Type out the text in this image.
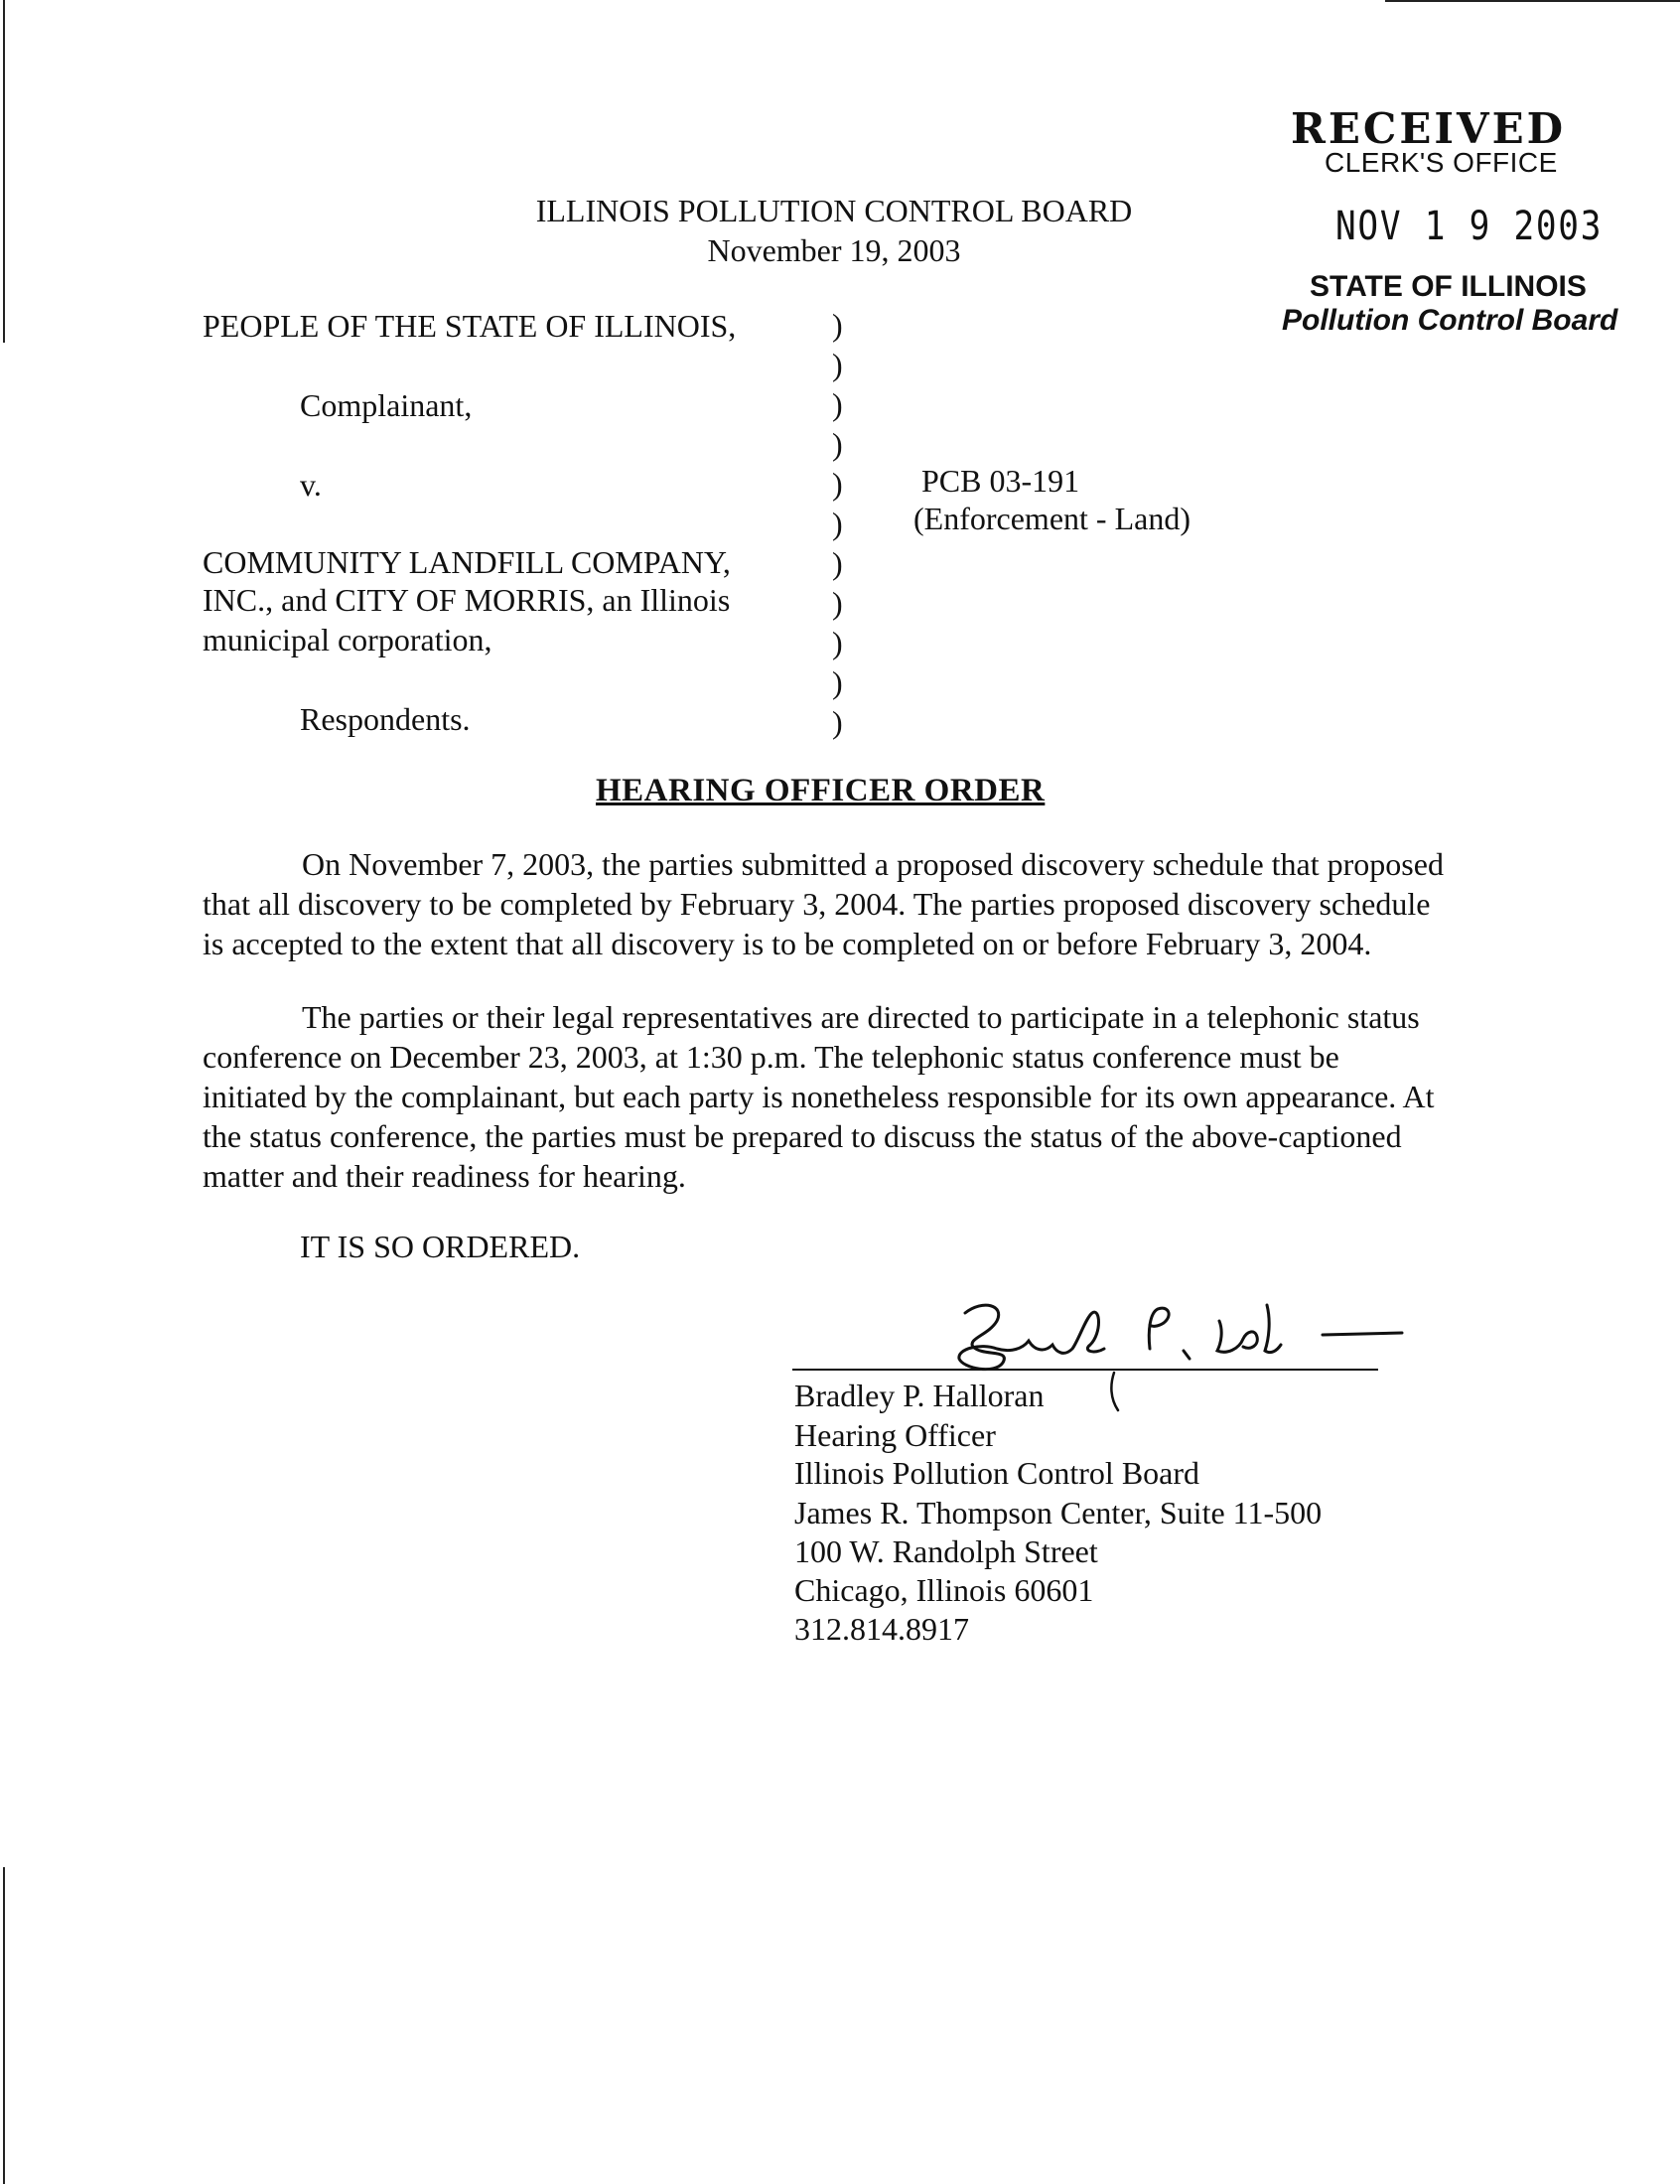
RECEIVED
CLERK'S OFFICE
NOV 1 9 2003
STATE OF ILLINOIS
Pollution Control Board
ILLINOIS POLLUTION CONTROL BOARD
November 19, 2003
PEOPLE OF THE STATE OF ILLINOIS,
Complainant,
v.
COMMUNITY LANDFILL COMPANY,
INC., and CITY OF MORRIS, an Illinois
municipal corporation,
Respondents.
)
)
)
)
)
)
)
)
)
)
)
PCB 03-191
(Enforcement - Land)
HEARING OFFICER ORDER
On November 7, 2003, the parties submitted a proposed discovery schedule that proposed
that all discovery to be completed by February 3, 2004. The parties proposed discovery schedule
is accepted to the extent that all discovery is to be completed on or before February 3, 2004.
The parties or their legal representatives are directed to participate in a telephonic status
conference on December 23, 2003, at 1:30 p.m. The telephonic status conference must be
initiated by the complainant, but each party is nonetheless responsible for its own appearance. At
the status conference, the parties must be prepared to discuss the status of the above-captioned
matter and their readiness for hearing.
IT IS SO ORDERED.
Bradley P. Halloran
Hearing Officer
Illinois Pollution Control Board
James R. Thompson Center, Suite 11-500
100 W. Randolph Street
Chicago, Illinois 60601
312.814.8917
